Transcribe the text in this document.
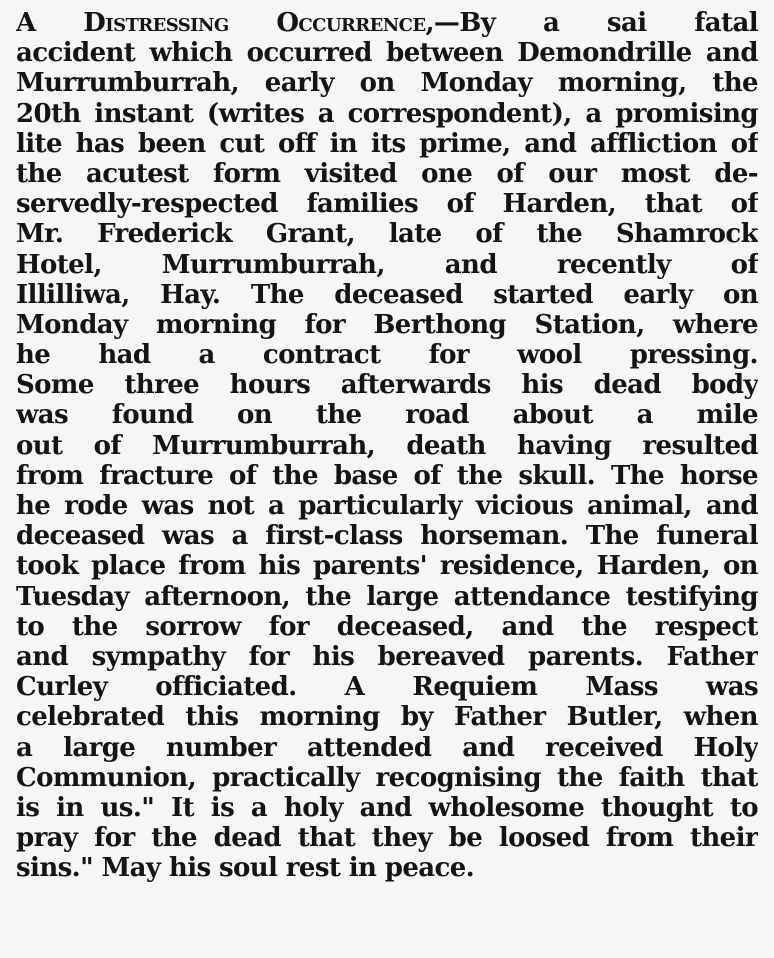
A Distressing Occurrence,—By a sai fatal
accident which occurred between Demondrille and
Murrumburrah, early on Monday morning, the
20th instant (writes a correspondent), a promising
lite has been cut off in its prime, and affliction of
the acutest form visited one of our most de-
servedly-respected families of Harden, that of
Mr. Frederick Grant, late of the Shamrock
Hotel, Murrumburrah, and recently of
Illilliwa, Hay. The deceased started early on
Monday morning for Berthong Station, where
he had a contract for wool pressing.
Some three hours afterwards his dead body
was found on the road about a mile
out of Murrumburrah, death having resulted
from fracture of the base of the skull. The horse
he rode was not a particularly vicious animal, and
deceased was a first-class horseman. The funeral
took place from his parents' residence, Harden, on
Tuesday afternoon, the large attendance testifying
to the sorrow for deceased, and the respect
and sympathy for his bereaved parents. Father
Curley officiated. A Requiem Mass was
celebrated this morning by Father Butler, when
a large number attended and received Holy
Communion, practically recognising the faith that
is in us." It is a holy and wholesome thought to
pray for the dead that they be loosed from their
sins." May his soul rest in peace.
